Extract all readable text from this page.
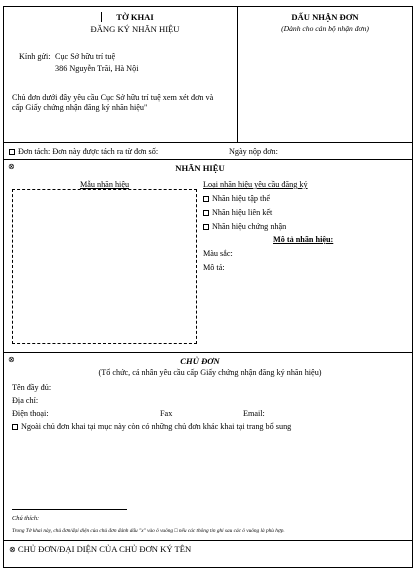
TỜ KHAI
ĐĂNG KÝ NHÃN HIỆU
Kính gửi: Cục Sở hữu trí tuệ
386 Nguyễn Trãi, Hà Nội
Chủ đơn dưới đây yêu cầu Cục Sở hữu trí tuệ xem xét đơn và
cấp Giấy chứng nhận đăng ký nhãn hiệu"
DẤU NHẬN ĐƠN
(Dành cho cán bộ nhận đơn)
Đơn tách: Đơn này được tách ra từ đơn số:	Ngày nộp đơn:
⊗	NHÃN HIỆU
Mẫu nhãn hiệu	Loại nhãn hiệu yêu cầu đăng ký
Nhãn hiệu tập thể
Nhãn hiệu liên kết
Nhãn hiệu chứng nhận
Mô tả nhãn hiệu:
Màu sắc:
Mô tả:
⊗	CHỦ ĐƠN
(Tổ chức, cá nhân yêu cầu cấp Giấy chứng nhận đăng ký nhãn hiệu)
Tên đầy đủ:
Địa chỉ:
Điện thoại:	Fax	Email:
Ngoài chủ đơn khai tại mục này còn có những chủ đơn khác khai tại trang bổ sung
Chú thích:
Trong Tờ khai này, chủ đơn/đại diện của chủ đơn đánh dấu "x" vào ô vuông □ nếu các thông tin ghi sau các ô vuông là phù hợp.
⊗ CHỦ ĐƠN/ĐẠI DIỆN CỦA CHỦ ĐƠN KÝ TÊN
